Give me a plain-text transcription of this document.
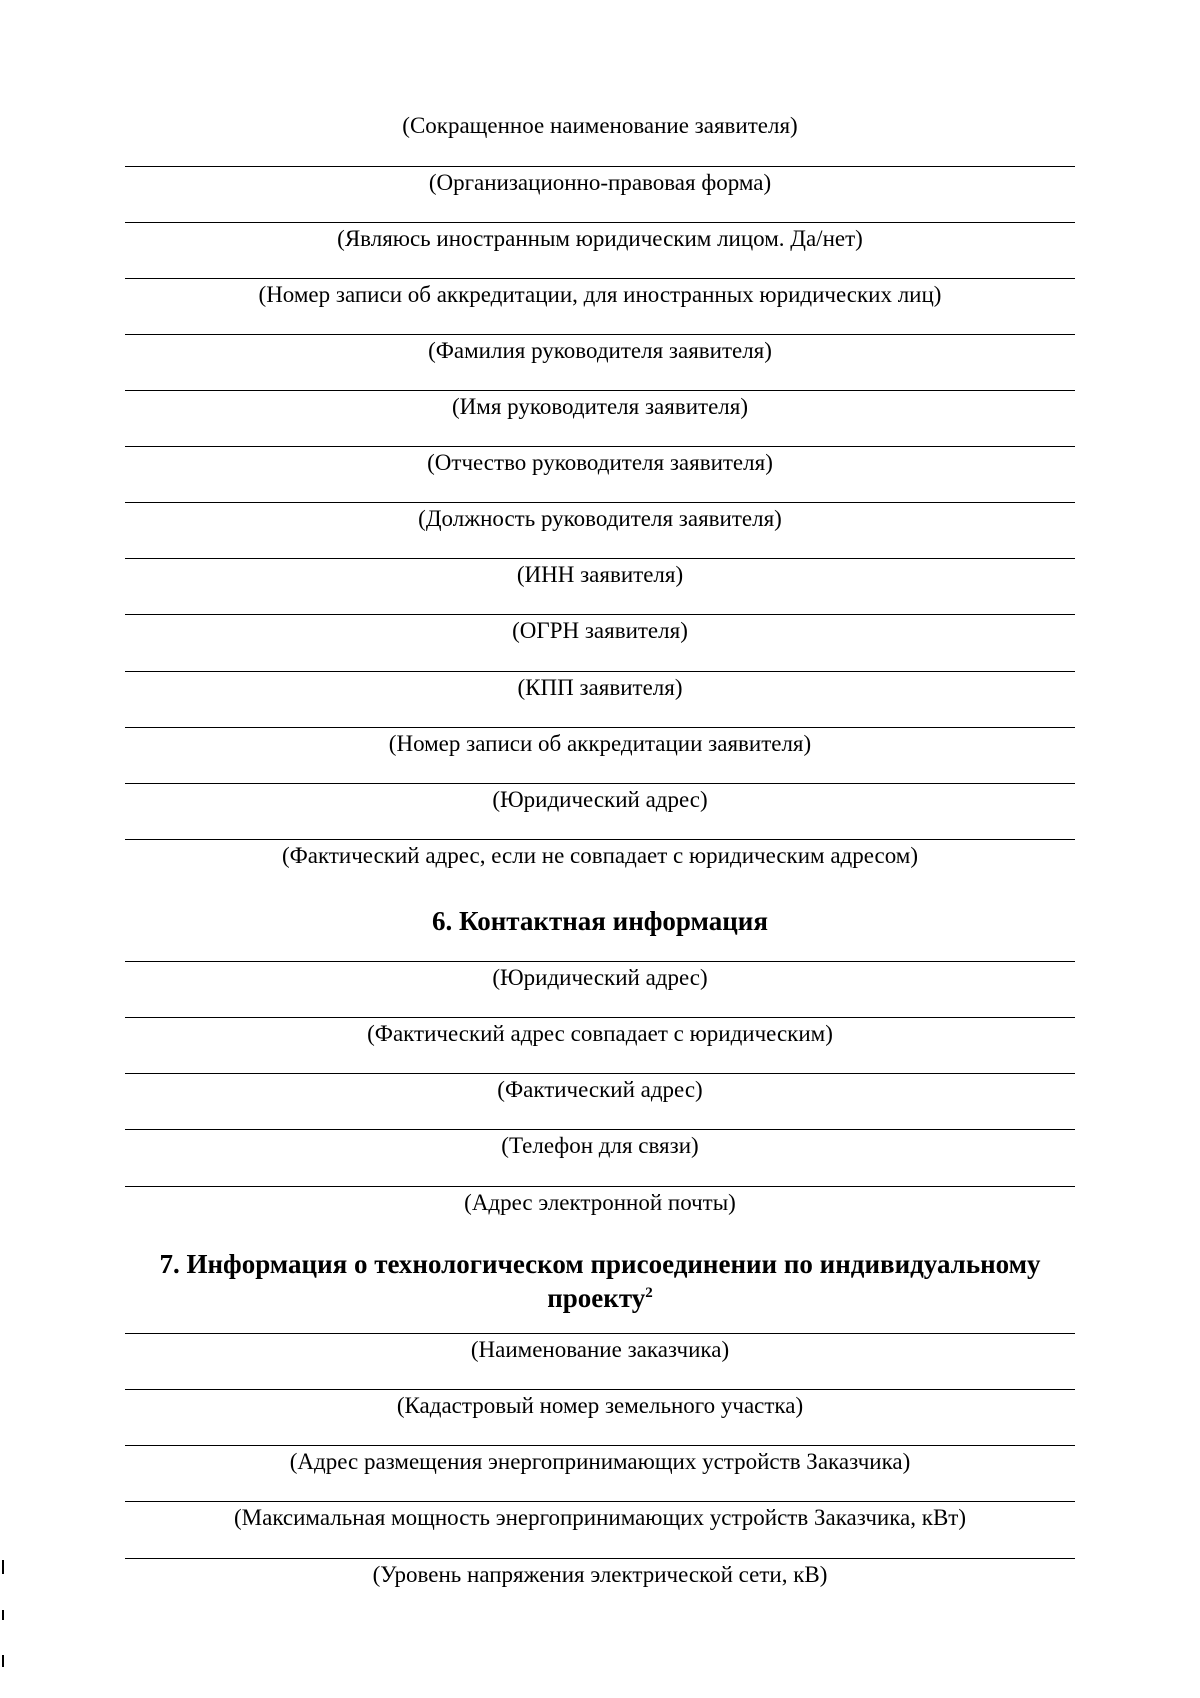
(Сокращенное наименование заявителя)
(Организационно-правовая форма)
(Являюсь иностранным юридическим лицом. Да/нет)
(Номер записи об аккредитации, для иностранных юридических лиц)
(Фамилия руководителя заявителя)
(Имя руководителя заявителя)
(Отчество руководителя заявителя)
(Должность руководителя заявителя)
(ИНН заявителя)
(ОГРН заявителя)
(КПП заявителя)
(Номер записи об аккредитации заявителя)
(Юридический адрес)
(Фактический адрес, если не совпадает с юридическим адресом)
6. Контактная информация
(Юридический адрес)
(Фактический адрес совпадает с юридическим)
(Фактический адрес)
(Телефон для связи)
(Адрес электронной почты)
7. Информация о технологическом присоединении по индивидуальному проекту$^2$
(Наименование заказчика)
(Кадастровый номер земельного участка)
(Адрес размещения энергопринимающих устройств Заказчика)
(Максимальная мощность энергопринимающих устройств Заказчика, кВт)
(Уровень напряжения электрической сети, кВ)
